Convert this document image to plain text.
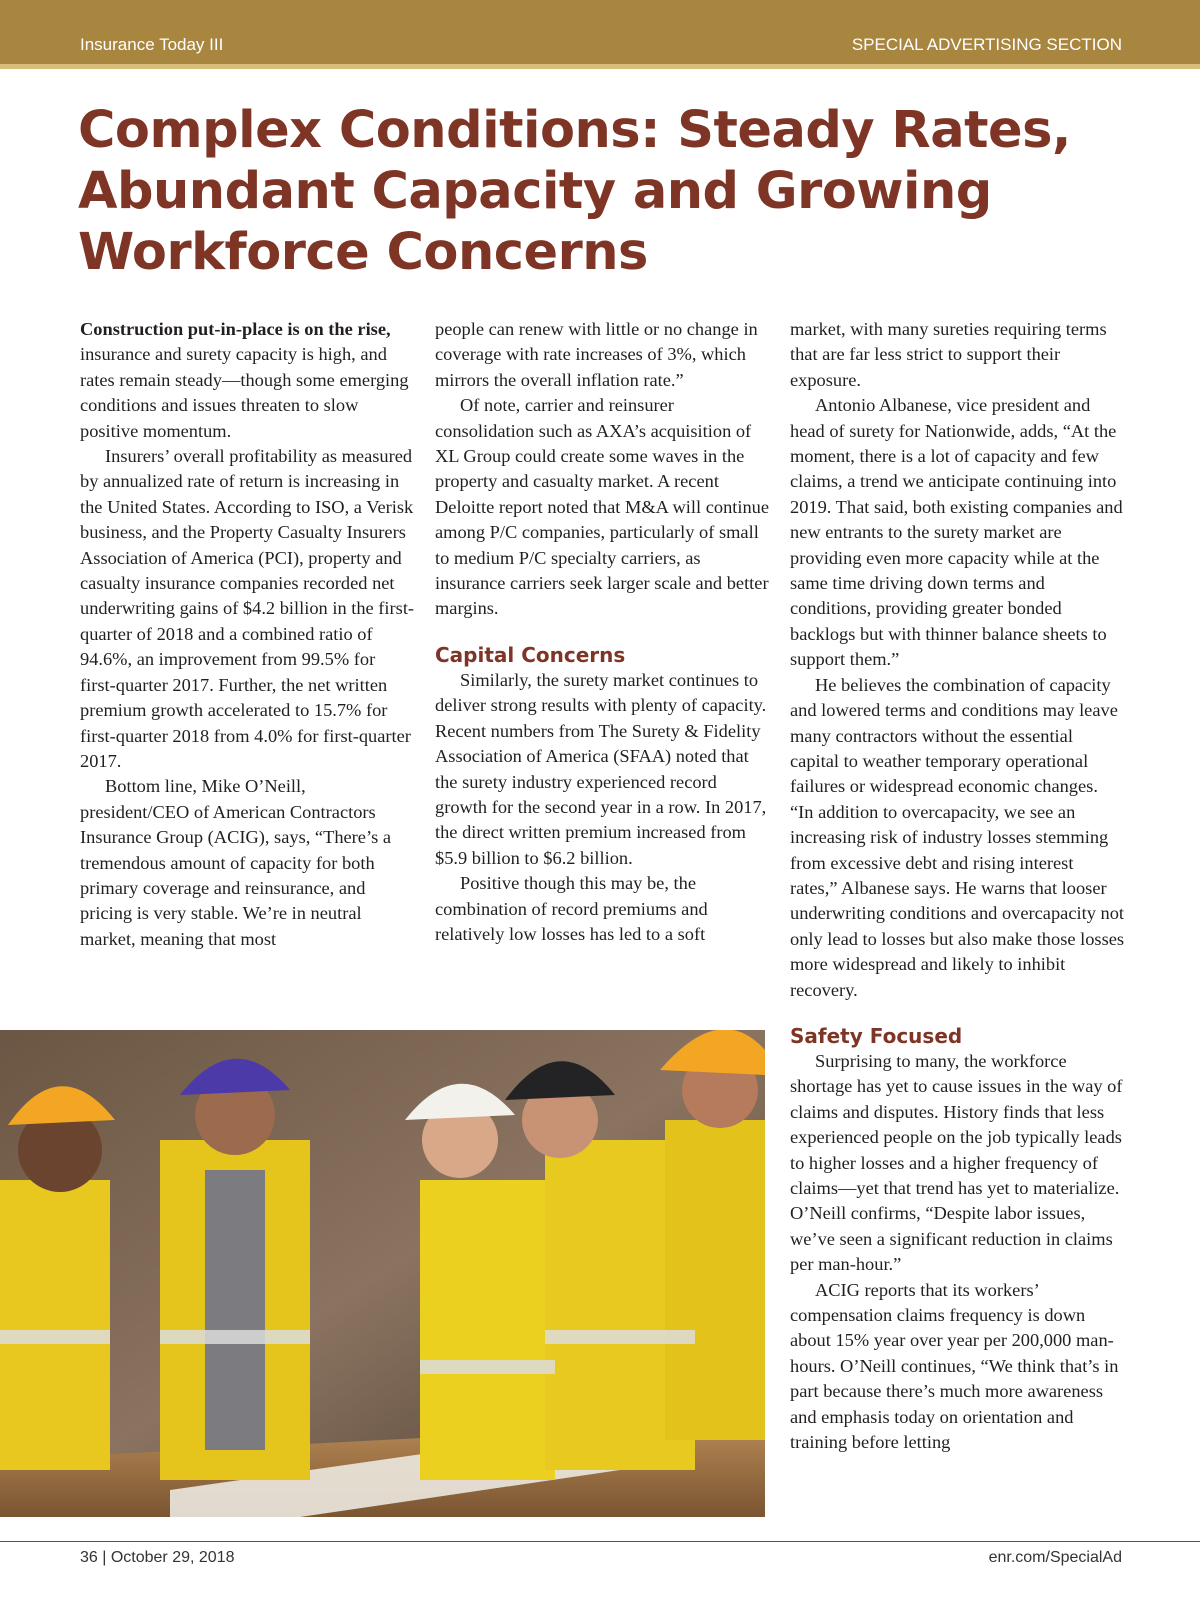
Insurance Today III	SPECIAL ADVERTISING SECTION
Complex Conditions: Steady Rates,
Abundant Capacity and Growing
Workforce Concerns

Construction put-in-place is on the rise, insurance and surety capacity is high, and rates remain steady—though some emerging conditions and issues threaten to slow positive momentum.

Insurers’ overall profitability as measured by annualized rate of return is increasing in the United States. According to ISO, a Verisk business, and the Property Casualty Insurers Association of America (PCI), property and casualty insurance companies recorded net underwriting gains of $4.2 billion in the first-quarter of 2018 and a combined ratio of 94.6%, an improvement from 99.5% for first-quarter 2017. Further, the net written premium growth accelerated to 15.7% for first-quarter 2018 from 4.0% for first-quarter 2017.

Bottom line, Mike O’Neill, president/CEO of American Contractors Insurance Group (ACIG), says, “There’s a tremendous amount of capacity for both primary coverage and reinsurance, and pricing is very stable. We’re in neutral market, meaning that most

people can renew with little or no change in coverage with rate increases of 3%, which mirrors the overall inflation rate.”

Of note, carrier and reinsurer consolidation such as AXA’s acquisition of XL Group could create some waves in the property and casualty market. A recent Deloitte report noted that M&A will continue among P/C companies, particularly of small to medium P/C specialty carriers, as insurance carriers seek larger scale and better margins.

Capital Concerns

Similarly, the surety market continues to deliver strong results with plenty of capacity. Recent numbers from The Surety & Fidelity Association of America (SFAA) noted that the surety industry experienced record growth for the second year in a row. In 2017, the direct written premium increased from $5.9 billion to $6.2 billion.

Positive though this may be, the combination of record premiums and relatively low losses has led to a soft

market, with many sureties requiring terms that are far less strict to support their exposure.

Antonio Albanese, vice president and head of surety for Nationwide, adds, “At the moment, there is a lot of capacity and few claims, a trend we anticipate continuing into 2019. That said, both existing companies and new entrants to the surety market are providing even more capacity while at the same time driving down terms and conditions, providing greater bonded backlogs but with thinner balance sheets to support them.”

He believes the combination of capacity and lowered terms and conditions may leave many contractors without the essential capital to weather temporary operational failures or widespread economic changes. “In addition to overcapacity, we see an increasing risk of industry losses stemming from excessive debt and rising interest rates,” Albanese says. He warns that looser underwriting conditions and overcapacity not only lead to losses but also make those losses more widespread and likely to inhibit recovery.

Safety Focused

Surprising to many, the workforce shortage has yet to cause issues in the way of claims and disputes. History finds that less experienced people on the job typically leads to higher losses and a higher frequency of claims—yet that trend has yet to materialize. O’Neill confirms, “Despite labor issues, we’ve seen a significant reduction in claims per man-hour.”

ACIG reports that its workers’ compensation claims frequency is down about 15% year over year per 200,000 man-hours. O’Neill continues, “We think that’s in part because there’s much more awareness and emphasis today on orientation and training before letting

36 | October 29, 2018	enr.com/SpecialAd
